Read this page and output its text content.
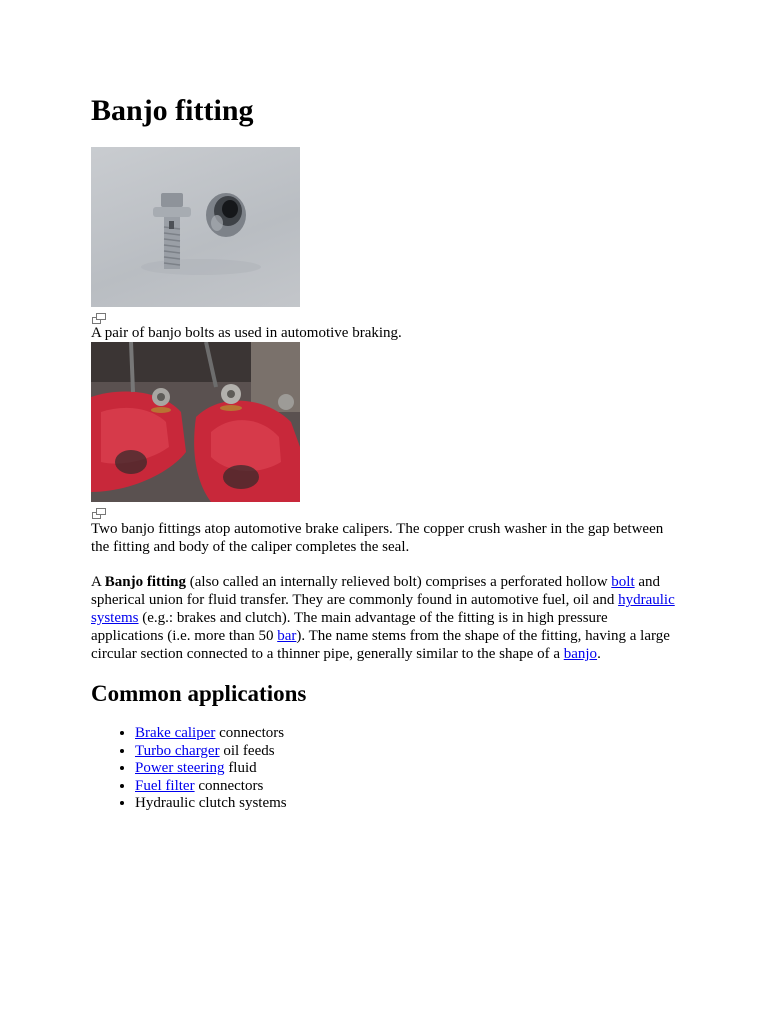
Banjo fitting
A pair of banjo bolts as used in automotive braking.
Two banjo fittings atop automotive brake calipers. The copper crush washer in the gap between the fitting and body of the caliper completes the seal.

A Banjo fitting (also called an internally relieved bolt) comprises a perforated hollow bolt and spherical union for fluid transfer. They are commonly found in automotive fuel, oil and hydraulic systems (e.g.: brakes and clutch). The main advantage of the fitting is in high pressure applications (i.e. more than 50 bar). The name stems from the shape of the fitting, having a large circular section connected to a thinner pipe, generally similar to the shape of a banjo.

Common applications
• Brake caliper connectors
• Turbo charger oil feeds
• Power steering fluid
• Fuel filter connectors
• Hydraulic clutch systems
